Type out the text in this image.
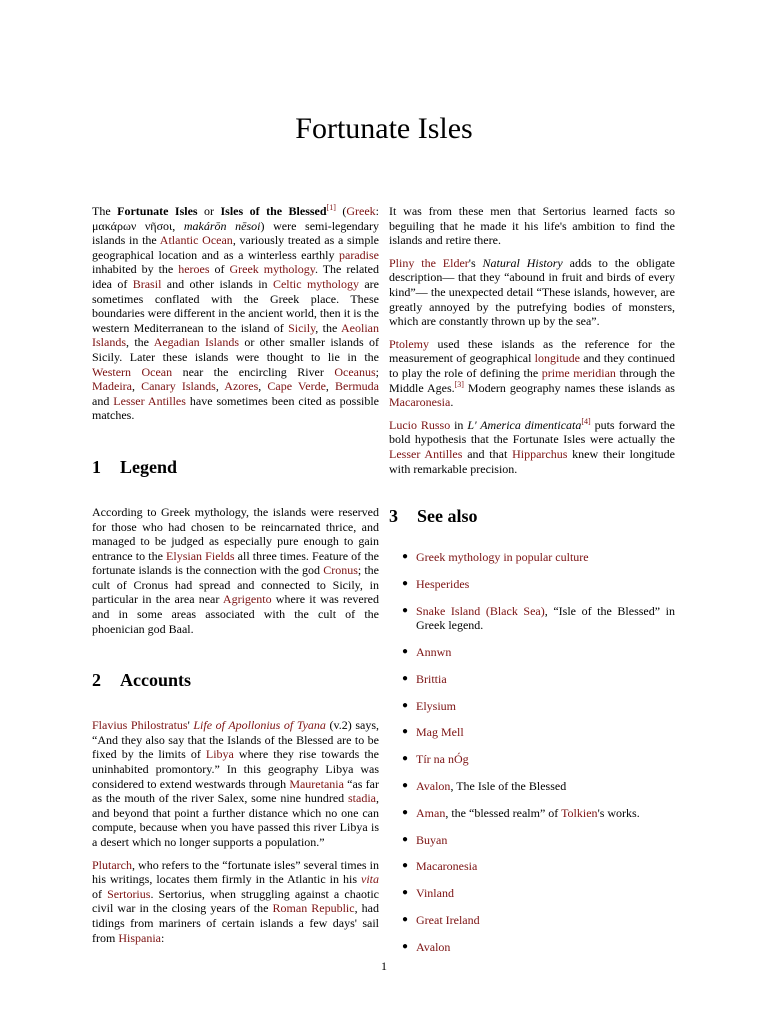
Fortunate Isles

The Fortunate Isles or Isles of the Blessed[1] (Greek: μακάρων νῆσοι, makárōn nēsoi) were semi-legendary islands in the Atlantic Ocean, variously treated as a simple geographical location and as a winterless earthly paradise inhabited by the heroes of Greek mythology. The related idea of Brasil and other islands in Celtic mythology are sometimes conflated with the Greek place. These boundaries were different in the ancient world, then it is the western Mediterranean to the island of Sicily, the Aeolian Islands, the Aegadian Islands or other smaller islands of Sicily. Later these islands were thought to lie in the Western Ocean near the encircling River Oceanus; Madeira, Canary Islands, Azores, Cape Verde, Bermuda and Lesser Antilles have sometimes been cited as possible matches.

1 Legend

According to Greek mythology, the islands were reserved for those who had chosen to be reincarnated thrice, and managed to be judged as especially pure enough to gain entrance to the Elysian Fields all three times. Feature of the fortunate islands is the connection with the god Cronus; the cult of Cronus had spread and connected to Sicily, in particular in the area near Agrigento where it was revered and in some areas associated with the cult of the phoenician god Baal.

2 Accounts

Flavius Philostratus' Life of Apollonius of Tyana (v.2) says, “And they also say that the Islands of the Blessed are to be fixed by the limits of Libya where they rise towards the uninhabited promontory.” In this geography Libya was considered to extend westwards through Mauretania “as far as the mouth of the river Salex, some nine hundred stadia, and beyond that point a further distance which no one can compute, because when you have passed this river Libya is a desert which no longer supports a population.”

Plutarch, who refers to the “fortunate isles” several times in his writings, locates them firmly in the Atlantic in his vita of Sertorius. Sertorius, when struggling against a chaotic civil war in the closing years of the Roman Republic, had tidings from mariners of certain islands a few days' sail from Hispania:

It was from these men that Sertorius learned facts so beguiling that he made it his life's ambition to find the islands and retire there.

Pliny the Elder's Natural History adds to the obligate description— that they “abound in fruit and birds of every kind”— the unexpected detail “These islands, however, are greatly annoyed by the putrefying bodies of monsters, which are constantly thrown up by the sea”.

Ptolemy used these islands as the reference for the measurement of geographical longitude and they continued to play the role of defining the prime meridian through the Middle Ages.[3] Modern geography names these islands as Macaronesia.

Lucio Russo in L' America dimenticata[4] puts forward the bold hypothesis that the Fortunate Isles were actually the Lesser Antilles and that Hipparchus knew their longitude with remarkable precision.

3 See also
● Greek mythology in popular culture
● Hesperides
● Snake Island (Black Sea), “Isle of the Blessed” in Greek legend.
● Annwn
● Brittia
● Elysium
● Mag Mell
● Tír na nÓg
● Avalon, The Isle of the Blessed
● Aman, the “blessed realm” of Tolkien's works.
● Buyan
● Macaronesia
● Vinland
● Great Ireland
● Avalon
1
